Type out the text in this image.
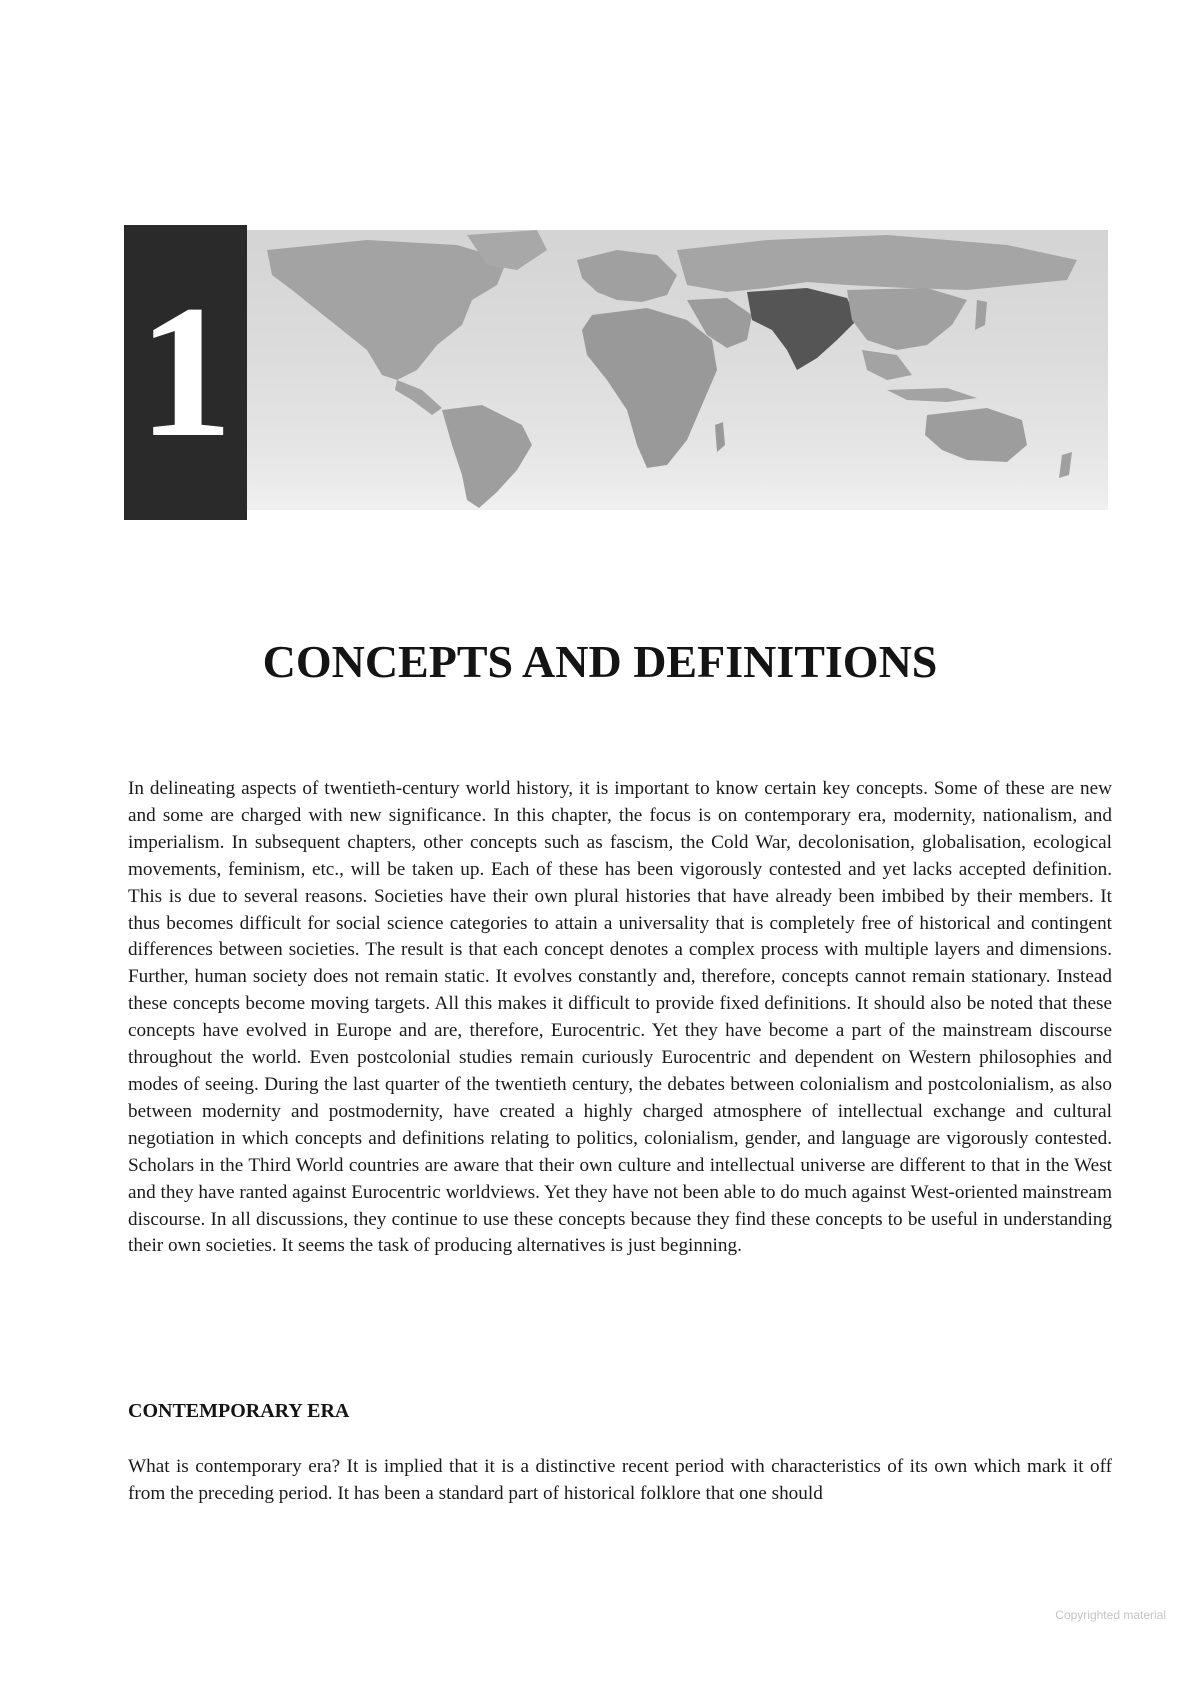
1
CONCEPTS AND DEFINITIONS

In delineating aspects of twentieth-century world history, it is important to know certain key concepts. Some of these are new and some are charged with new significance. In this chapter, the focus is on contemporary era, modernity, nationalism, and imperialism. In subsequent chapters, other concepts such as fascism, the Cold War, decolonisation, globalisation, ecological movements, feminism, etc., will be taken up. Each of these has been vigorously contested and yet lacks accepted definition. This is due to several reasons. Societies have their own plural histories that have already been imbibed by their members. It thus becomes difficult for social science categories to attain a universality that is completely free of historical and contingent differences between societies. The result is that each concept denotes a complex process with multiple layers and dimensions. Further, human society does not remain static. It evolves constantly and, therefore, concepts cannot remain stationary. Instead these concepts become moving targets. All this makes it difficult to provide fixed definitions. It should also be noted that these concepts have evolved in Europe and are, therefore, Eurocentric. Yet they have become a part of the mainstream discourse throughout the world. Even postcolonial studies remain curiously Eurocentric and dependent on Western philosophies and modes of seeing. During the last quarter of the twentieth century, the debates between colonialism and postcolonialism, as also between modernity and postmodernity, have created a highly charged atmosphere of intellectual exchange and cultural negotiation in which concepts and definitions relating to politics, colonialism, gender, and language are vigorously contested. Scholars in the Third World countries are aware that their own culture and intellectual universe are different to that in the West and they have ranted against Eurocentric worldviews. Yet they have not been able to do much against West-oriented mainstream discourse. In all discussions, they continue to use these concepts because they find these concepts to be useful in understanding their own societies. It seems the task of producing alternatives is just beginning.

CONTEMPORARY ERA

What is contemporary era? It is implied that it is a distinctive recent period with characteristics of its own which mark it off from the preceding period. It has been a standard part of historical folklore that one should

Copyrighted material
